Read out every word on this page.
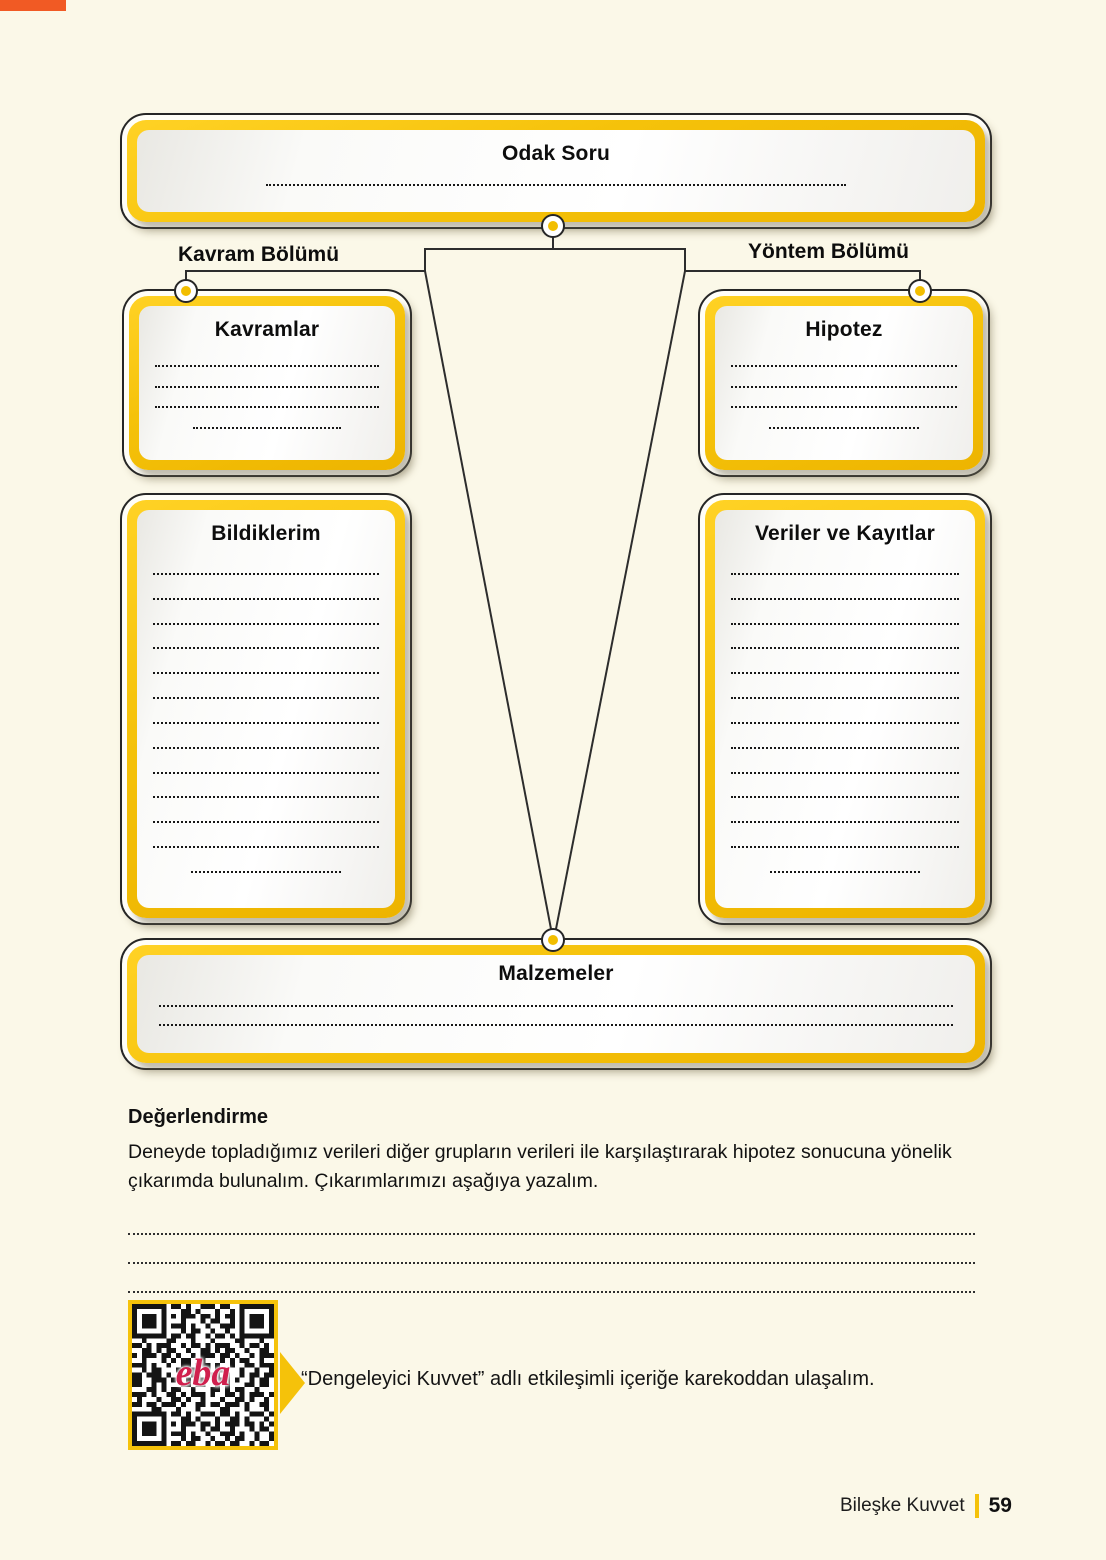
Odak Soru
Kavram Bölümü	Yöntem Bölümü
Kavramlar	Hipotez
Bildiklerim	Veriler ve Kayıtlar
Malzemeler
Değerlendirme

Deneyde topladığımız verileri diğer grupların verileri ile karşılaştırarak hipotez sonucuna yönelik çıkarımda bulunalım. Çıkarımlarımızı aşağıya yazalım.

eba	“Dengeleyici Kuvvet” adlı etkileşimli içeriğe karekoddan ulaşalım.
Bileşke Kuvvet 59
